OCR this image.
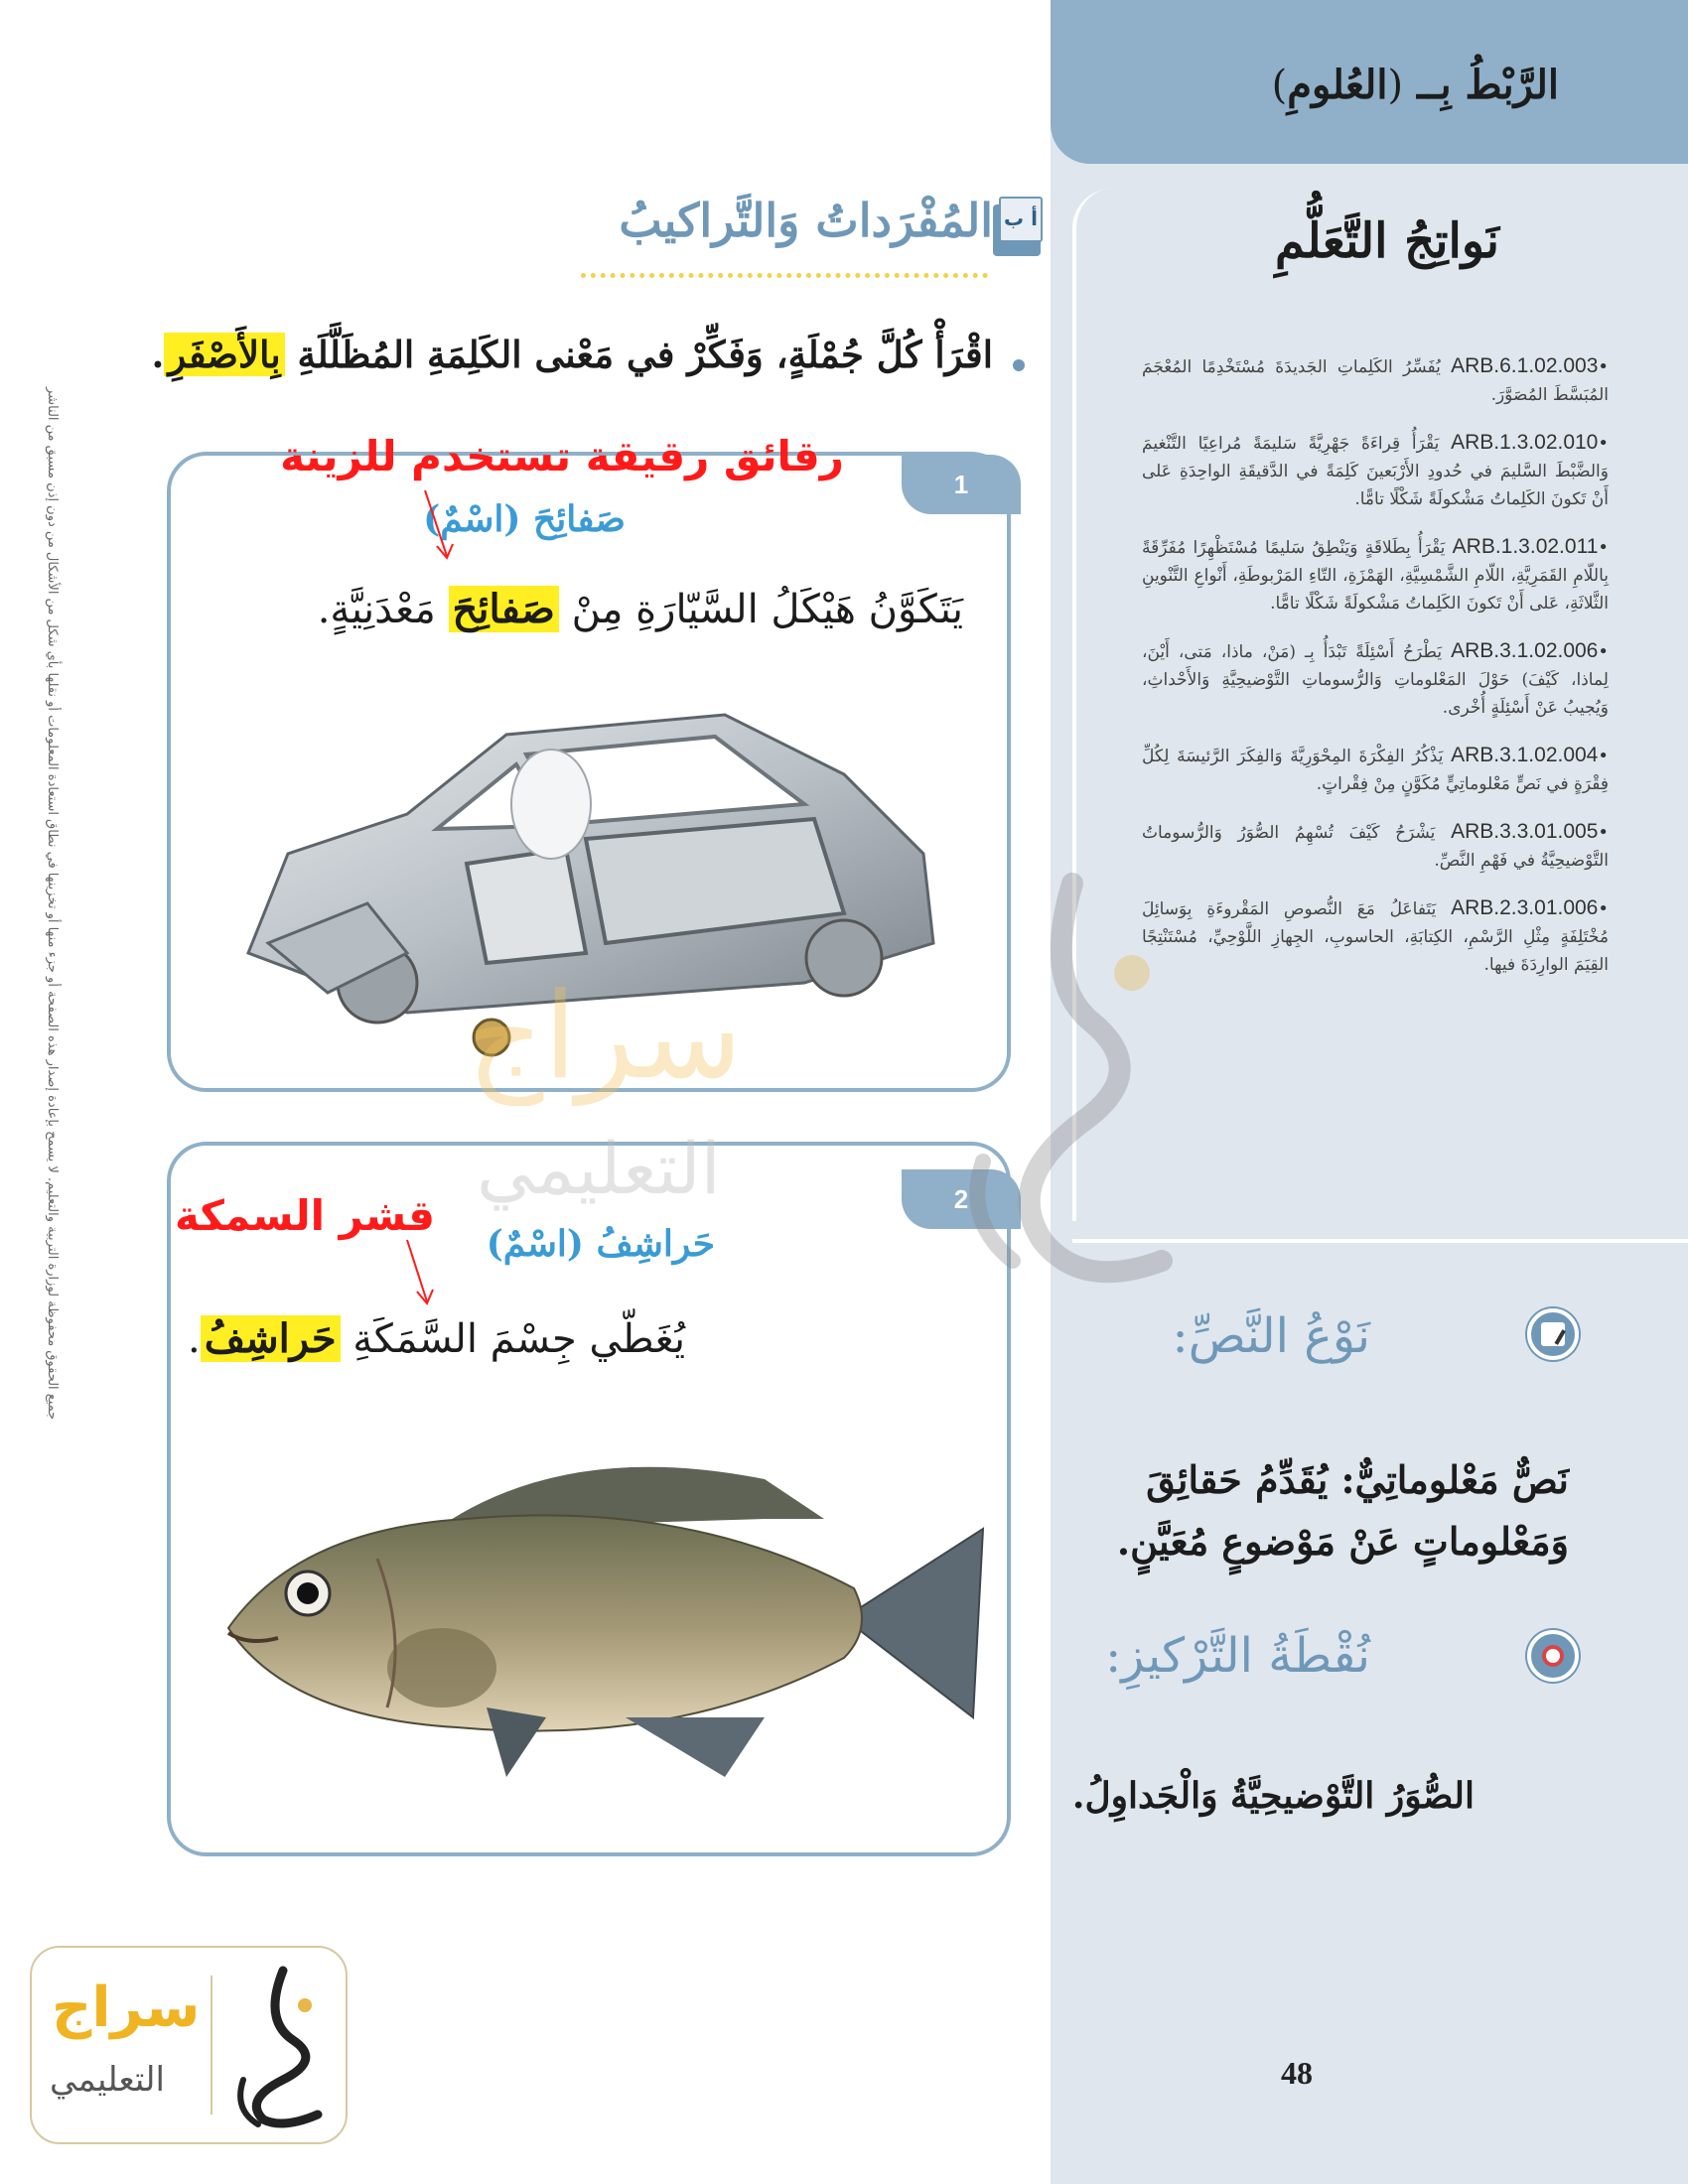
الرَّبْطُ بِــ (العُلومِ)
نَواتِجُ التَّعَلُّمِ
•ARB.6.1.02.003 يُفَسِّرُ الكَلِماتِ الجَديدَةَ مُسْتَخْدِمًا المُعْجَمَ المُبَسَّطَ المُصَوَّرَ.
•ARB.1.3.02.010 يَقْرَأُ قِراءَةً جَهْرِيَّةً سَليمَةً مُراعِيًا التَّنْغيمَ وَالضَّبْطَ السَّليمَ في حُدودِ الأَرْبَعينَ كَلِمَةً في الدَّقيقَةِ الواحِدَةِ عَلى أَنْ تَكونَ الكَلِماتُ مَشْكولَةً شَكْلًا تامًّا.
•ARB.1.3.02.011 يَقْرَأُ بِطَلاقَةٍ وَيَنْطِقُ سَليمًا مُسْتَظْهِرًا مُفَرِّقَةً بِاللّامِ القَمَرِيَّةِ، اللّامِ الشَّمْسِيَّةِ، الهَمْزَةِ، التّاءِ المَرْبوطَةِ، أَنْواعِ التَّنْوينِ الثَّلاثَةِ، عَلى أَنْ تَكونَ الكَلِماتُ مَشْكولَةً شَكْلًا تامًّا.
•ARB.3.1.02.006 يَطْرَحُ أَسْئِلَةً تَبْدَأُ بِـ (مَنْ، ماذا، مَتى، أَيْنَ، لِماذا، كَيْفَ) حَوْلَ المَعْلوماتِ وَالرُّسوماتِ التَّوْضيحِيَّةِ وَالأَحْداثِ، وَيُجيبُ عَنْ أَسْئِلَةٍ أُخْرى.
•ARB.3.1.02.004 يَذْكُرُ الفِكْرَةَ المِحْوَرِيَّةَ وَالفِكَرَ الرَّئيسَةَ لِكُلِّ فِقْرَةٍ في نَصٍّ مَعْلوماتِيٍّ مُكَوَّنٍ مِنْ فِقْراتٍ.
•ARB.3.3.01.005 يَشْرَحُ كَيْفَ تُسْهِمُ الصُّوَرُ وَالرُّسوماتُ التَّوْضيحِيَّةُ في فَهْمِ النَّصِّ.
•ARB.2.3.01.006 يَتَفاعَلُ مَعَ النُّصوصِ المَقْروءَةِ بِوَسائِلَ مُخْتَلِفَةٍ مِثْلِ الرَّسْمِ، الكِتابَةِ، الحاسوبِ، الجِهازِ اللَّوْحِيِّ، مُسْتَنْتِجًا القِيَمَ الوارِدَةَ فيها.
نَوْعُ النَّصِّ:
نَصٌّ مَعْلوماتِيٌّ: يُقَدِّمُ حَقائِقَ وَمَعْلوماتٍ عَنْ مَوْضوعٍ مُعَيَّنٍ.
نُقْطَةُ التَّرْكيزِ:
الصُّوَرُ التَّوْضيحِيَّةُ وَالْجَداوِلُ.
48
أ ب
المُفْرَداتُ وَالتَّراكيبُ
اقْرَأْ كُلَّ جُمْلَةٍ، وَفَكِّرْ في مَعْنى الكَلِمَةِ المُظَلَّلَةِ بِالأَصْفَرِ.
1
رقائق رقيقة تستخدم للزينة
صَفائِحَ (اسْمٌ)
يَتَكَوَّنُ هَيْكَلُ السَّيّارَةِ مِنْ صَفائِحَ مَعْدَنِيَّةٍ.
2
قشر السمكة
حَراشِفُ (اسْمٌ)
يُغَطّي جِسْمَ السَّمَكَةِ حَراشِفُ.
سراج
التعليمي
جميع الحقوق محفوظة لوزارة التربية والتعليم. لا يسمح بإعادة إصدار هذه الصفحة أو جزء منها أو تخزينها في نطاق استعادة المعلومات أو نقلها بأي شكل من الأشكال من دون إذن مسبق من الناشر
سراج
التعليمي
